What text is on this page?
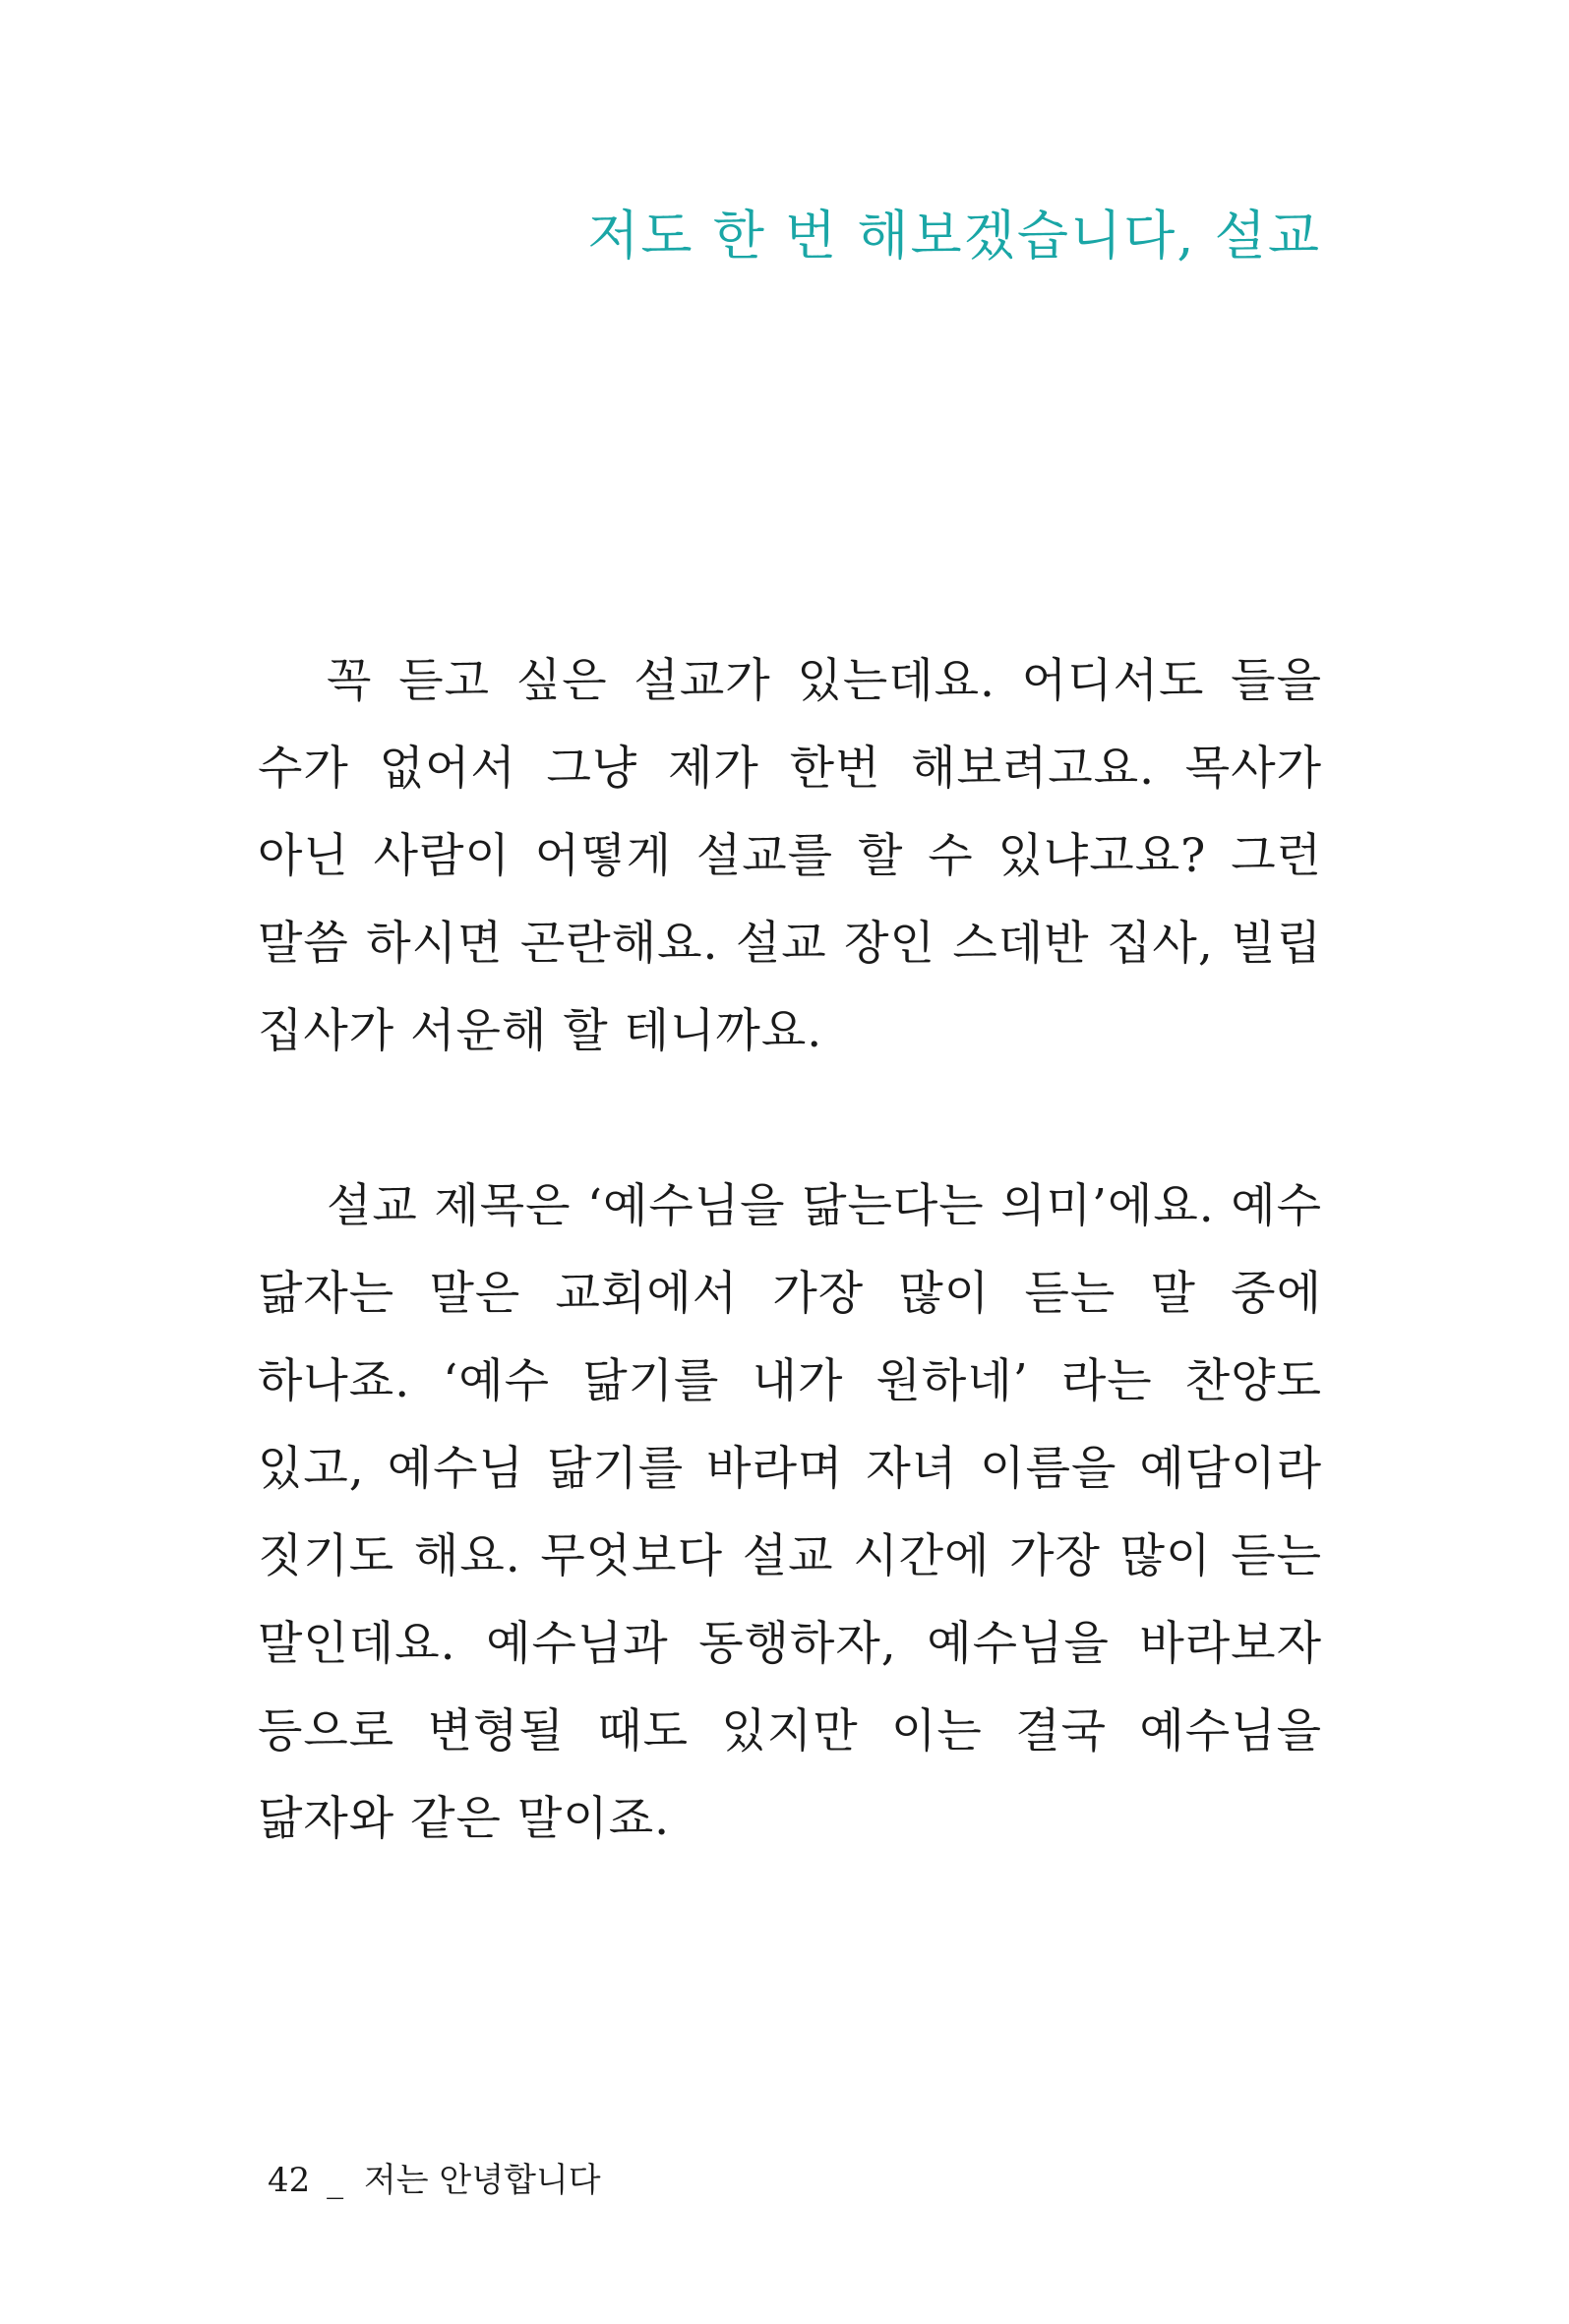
저도 한 번 해보겠습니다, 설교

꼭 듣고 싶은 설교가 있는데요. 어디서도 들을 수가 없어서 그냥 제가 한번 해보려고요. 목사가 아닌 사람이 어떻게 설교를 할 수 있냐고요? 그런 말씀 하시면 곤란해요. 설교 장인 스데반 집사, 빌립 집사가 서운해 할 테니까요.

설교 제목은 ‘예수님을 닮는다는 의미’에요. 예수 닮자는 말은 교회에서 가장 많이 듣는 말 중에 하나죠. ‘예수 닮기를 내가 원하네’ 라는 찬양도 있고, 예수님 닮기를 바라며 자녀 이름을 예담이라 짓기도 해요. 무엇보다 설교 시간에 가장 많이 듣는 말인데요. 예수님과 동행하자, 예수님을 바라보자 등으로 변형될 때도 있지만 이는 결국 예수님을 닮자와 같은 말이죠.

42 _ 저는 안녕합니다
